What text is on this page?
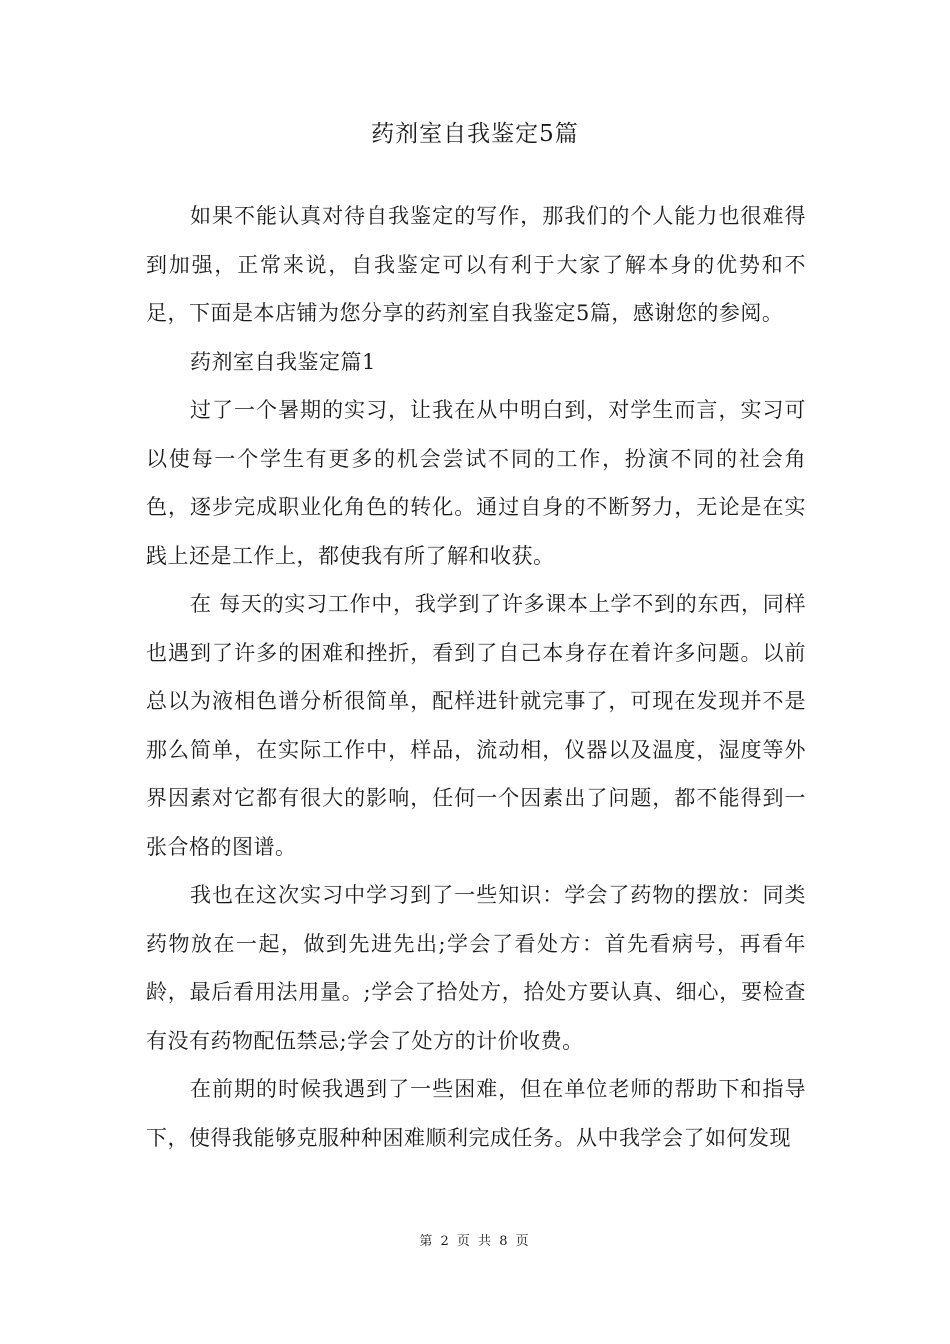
药剂室自我鉴定5篇

如果不能认真对待自我鉴定的写作，那我们的个人能力也很难得到加强，正常来说，自我鉴定可以有利于大家了解本身的优势和不足，下面是本店铺为您分享的药剂室自我鉴定5篇，感谢您的参阅。

药剂室自我鉴定篇1

过了一个暑期的实习，让我在从中明白到，对学生而言，实习可以使每一个学生有更多的机会尝试不同的工作，扮演不同的社会角色，逐步完成职业化角色的转化。通过自身的不断努力，无论是在实践上还是工作上，都使我有所了解和收获。

在 每天的实习工作中，我学到了许多课本上学不到的东西，同样也遇到了许多的困难和挫折，看到了自己本身存在着许多问题。以前总以为液相色谱分析很简单，配样进针就完事了，可现在发现并不是那么简单，在实际工作中，样品，流动相，仪器以及温度，湿度等外界因素对它都有很大的影响，任何一个因素出了问题，都不能得到一张合格的图谱。

我也在这次实习中学习到了一些知识：学会了药物的摆放：同类药物放在一起，做到先进先出;学会了看处方：首先看病号，再看年龄，最后看用法用量。;学会了拾处方，拾处方要认真、细心，要检查有没有药物配伍禁忌;学会了处方的计价收费。

在前期的时候我遇到了一些困难，但在单位老师的帮助下和指导下，使得我能够克服种种困难顺利完成任务。从中我学会了如何发现

第 2 页 共 8 页
